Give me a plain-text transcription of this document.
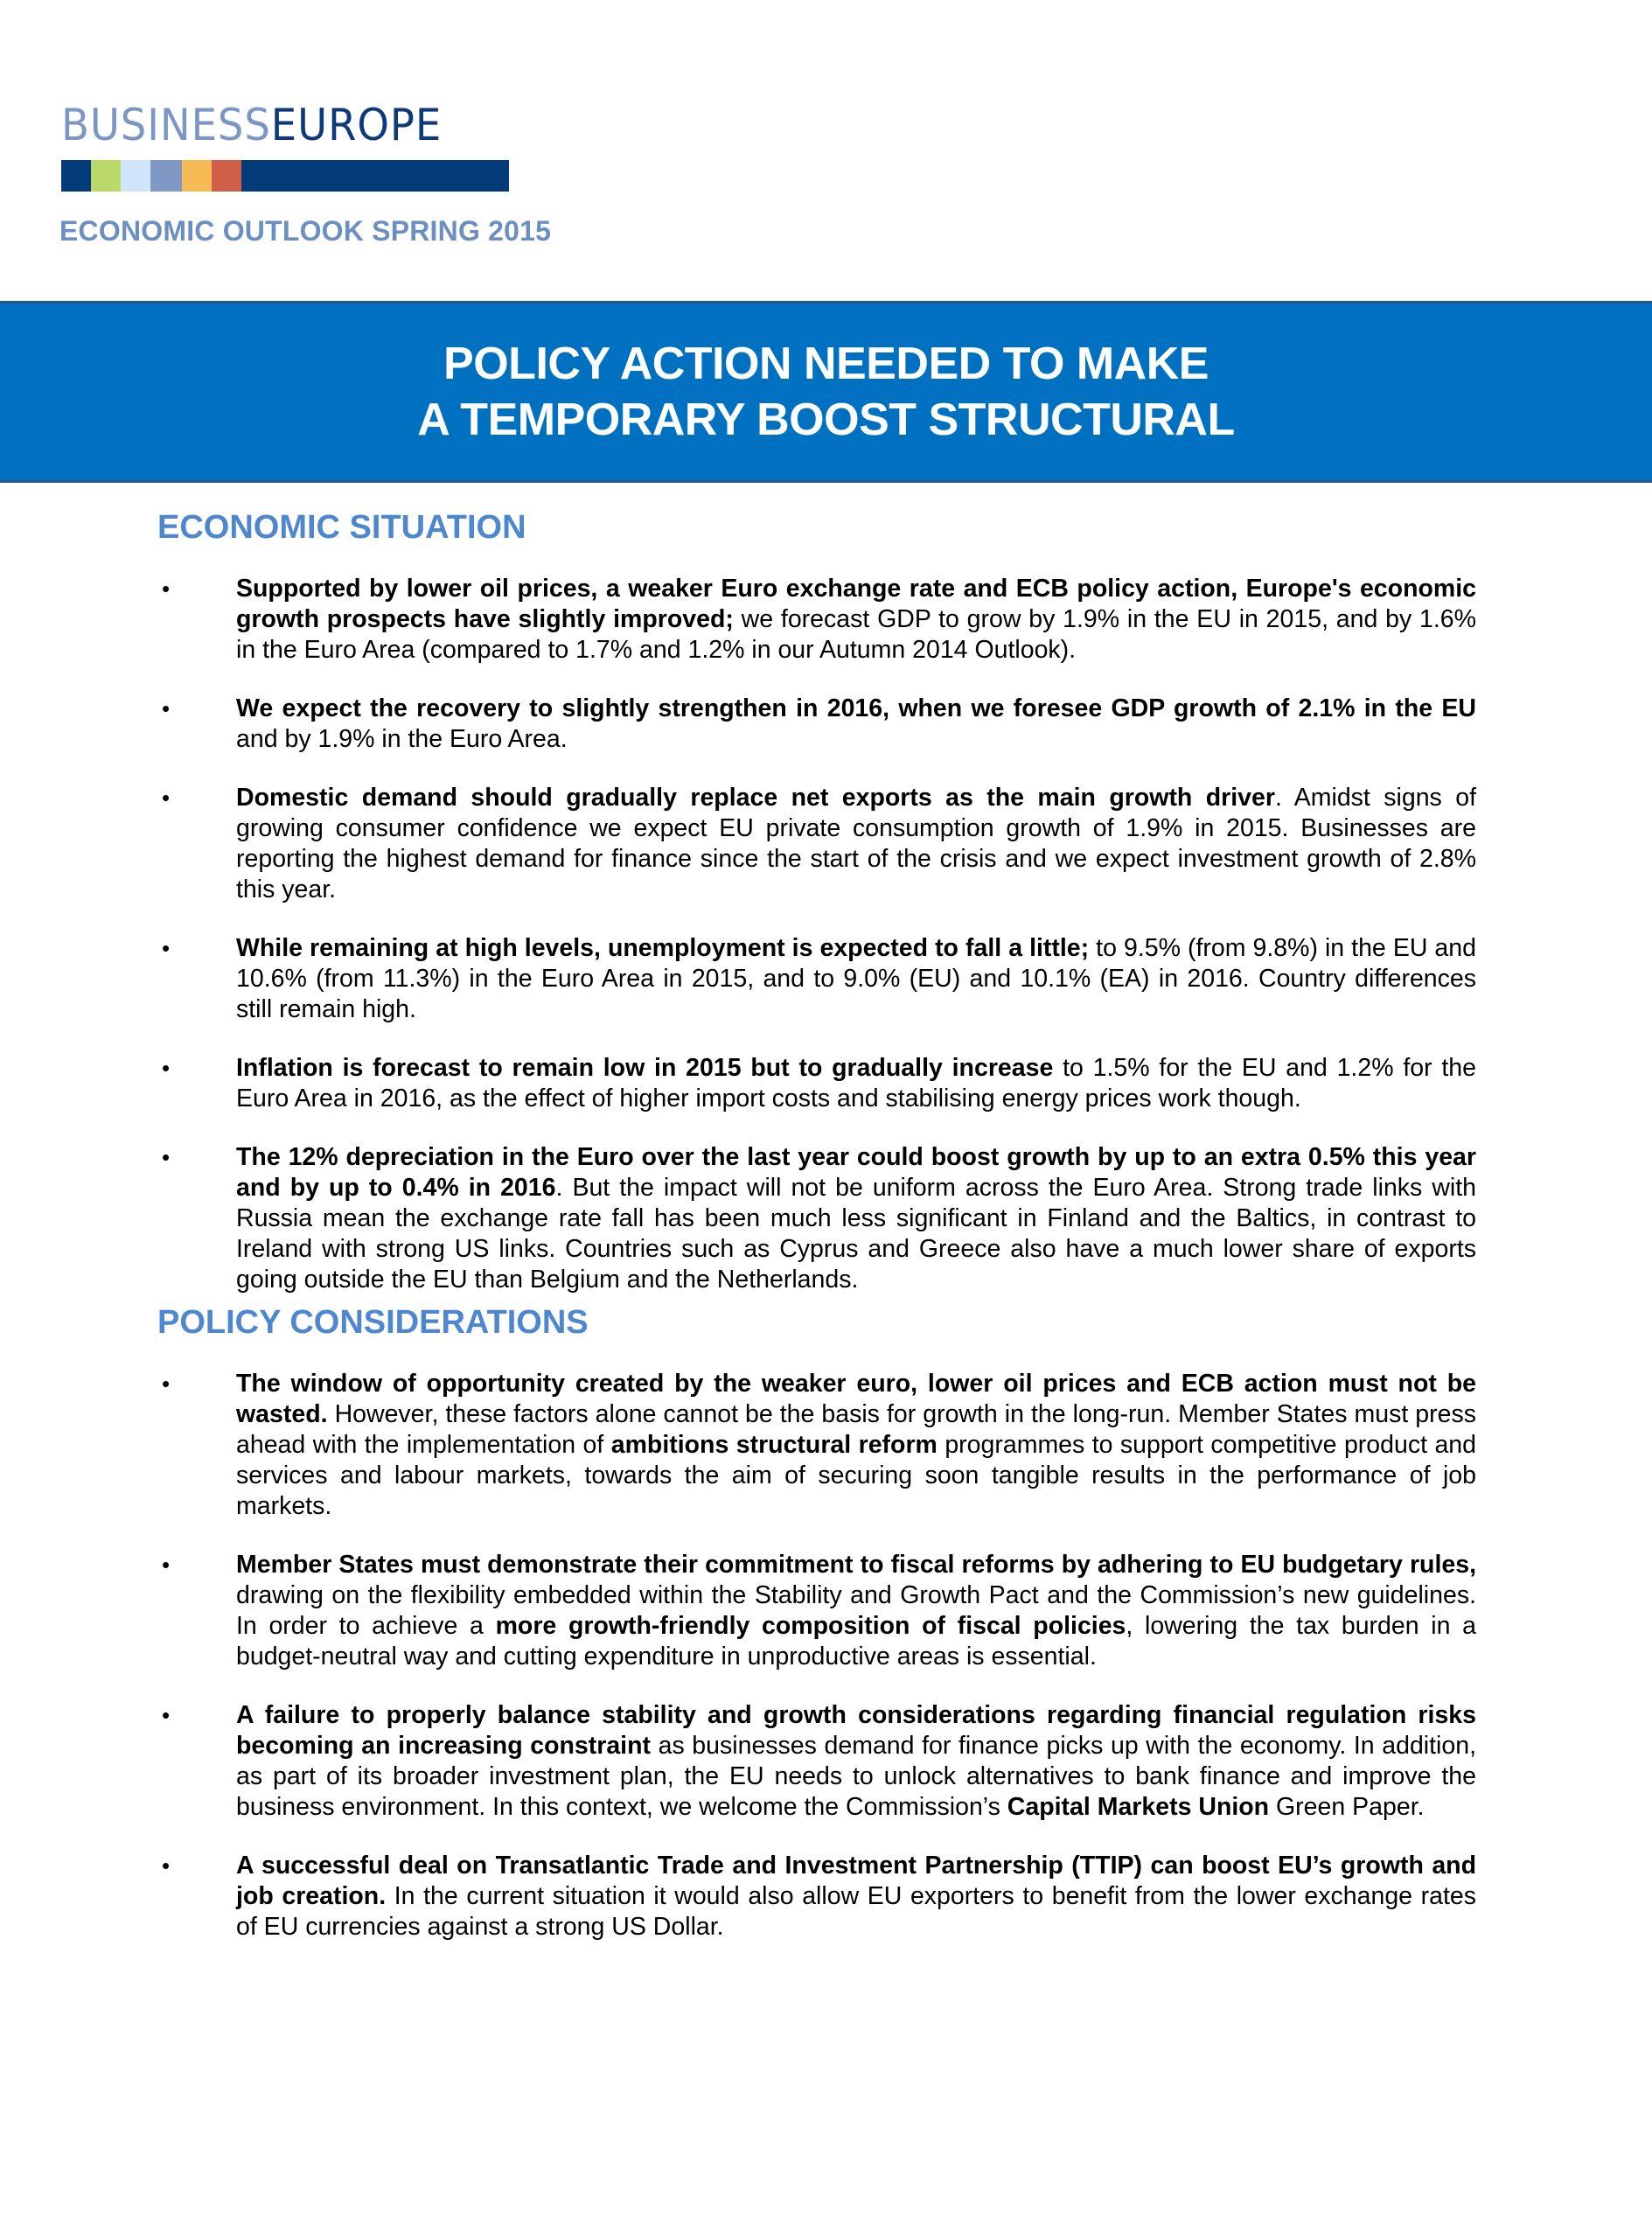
BUSINESSEUROPE
ECONOMIC OUTLOOK SPRING 2015
POLICY ACTION NEEDED TO MAKE
A TEMPORARY BOOST STRUCTURAL
ECONOMIC SITUATION
•	Supported by lower oil prices, a weaker Euro exchange rate and ECB policy action, Europe's economic growth prospects have slightly improved; we forecast GDP to grow by 1.9% in the EU in 2015, and by 1.6% in the Euro Area (compared to 1.7% and 1.2% in our Autumn 2014 Outlook).
•	We expect the recovery to slightly strengthen in 2016, when we foresee GDP growth of 2.1% in the EU and by 1.9% in the Euro Area.
•	Domestic demand should gradually replace net exports as the main growth driver. Amidst signs of growing consumer confidence we expect EU private consumption growth of 1.9% in 2015. Businesses are reporting the highest demand for finance since the start of the crisis and we expect investment growth of 2.8% this year.
•	While remaining at high levels, unemployment is expected to fall a little; to 9.5% (from 9.8%) in the EU and 10.6% (from 11.3%) in the Euro Area in 2015, and to 9.0% (EU) and 10.1% (EA) in 2016. Country differences still remain high.
•	Inflation is forecast to remain low in 2015 but to gradually increase to 1.5% for the EU and 1.2% for the Euro Area in 2016, as the effect of higher import costs and stabilising energy prices work though.
•	The 12% depreciation in the Euro over the last year could boost growth by up to an extra 0.5% this year and by up to 0.4% in 2016. But the impact will not be uniform across the Euro Area. Strong trade links with Russia mean the exchange rate fall has been much less significant in Finland and the Baltics, in contrast to Ireland with strong US links. Countries such as Cyprus and Greece also have a much lower share of exports going outside the EU than Belgium and the Netherlands.
POLICY CONSIDERATIONS
•	The window of opportunity created by the weaker euro, lower oil prices and ECB action must not be wasted. However, these factors alone cannot be the basis for growth in the long-run. Member States must press ahead with the implementation of ambitions structural reform programmes to support competitive product and services and labour markets, towards the aim of securing soon tangible results in the performance of job markets.
•	Member States must demonstrate their commitment to fiscal reforms by adhering to EU budgetary rules, drawing on the flexibility embedded within the Stability and Growth Pact and the Commission’s new guidelines. In order to achieve a more growth-friendly composition of fiscal policies, lowering the tax burden in a budget-neutral way and cutting expenditure in unproductive areas is essential.
•	A failure to properly balance stability and growth considerations regarding financial regulation risks becoming an increasing constraint as businesses demand for finance picks up with the economy. In addition, as part of its broader investment plan, the EU needs to unlock alternatives to bank finance and improve the business environment. In this context, we welcome the Commission’s Capital Markets Union Green Paper.
•	A successful deal on Transatlantic Trade and Investment Partnership (TTIP) can boost EU’s growth and job creation. In the current situation it would also allow EU exporters to benefit from the lower exchange rates of EU currencies against a strong US Dollar.
